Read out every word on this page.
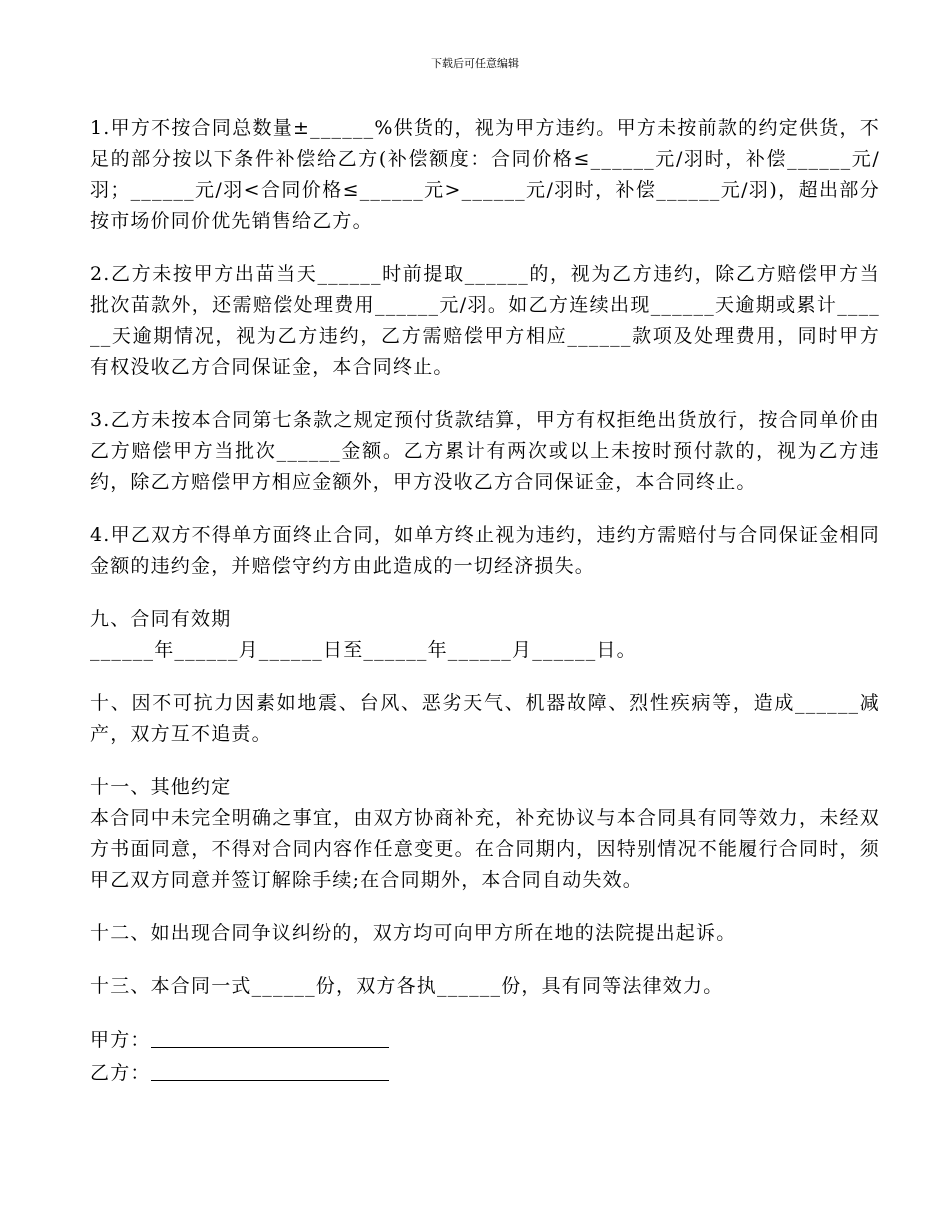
下载后可任意编辑

1.甲方不按合同总数量±______%供货的，视为甲方违约。甲方未按前款的约定供货，不足的部分按以下条件补偿给乙方(补偿额度：合同价格≤______元/羽时，补偿______元/羽；______元/羽<合同价格≤______元>______元/羽时，补偿______元/羽)，超出部分按市场价同价优先销售给乙方。

2.乙方未按甲方出苗当天______时前提取______的，视为乙方违约，除乙方赔偿甲方当批次苗款外，还需赔偿处理费用______元/羽。如乙方连续出现______天逾期或累计______天逾期情况，视为乙方违约，乙方需赔偿甲方相应______款项及处理费用，同时甲方有权没收乙方合同保证金，本合同终止。

3.乙方未按本合同第七条款之规定预付货款结算，甲方有权拒绝出货放行，按合同单价由乙方赔偿甲方当批次______金额。乙方累计有两次或以上未按时预付款的，视为乙方违约，除乙方赔偿甲方相应金额外，甲方没收乙方合同保证金，本合同终止。

4.甲乙双方不得单方面终止合同，如单方终止视为违约，违约方需赔付与合同保证金相同金额的违约金，并赔偿守约方由此造成的一切经济损失。

九、合同有效期

______年______月______日至______年______月______日。

十、因不可抗力因素如地震、台风、恶劣天气、机器故障、烈性疾病等，造成______减产，双方互不追责。

十一、其他约定

本合同中未完全明确之事宜，由双方协商补充，补充协议与本合同具有同等效力，未经双方书面同意，不得对合同内容作任意变更。在合同期内，因特别情况不能履行合同时，须甲乙双方同意并签订解除手续;在合同期外，本合同自动失效。

十二、如出现合同争议纠纷的，双方均可向甲方所在地的法院提出起诉。

十三、本合同一式______份，双方各执______份，具有同等法律效力。

甲方：

乙方：
